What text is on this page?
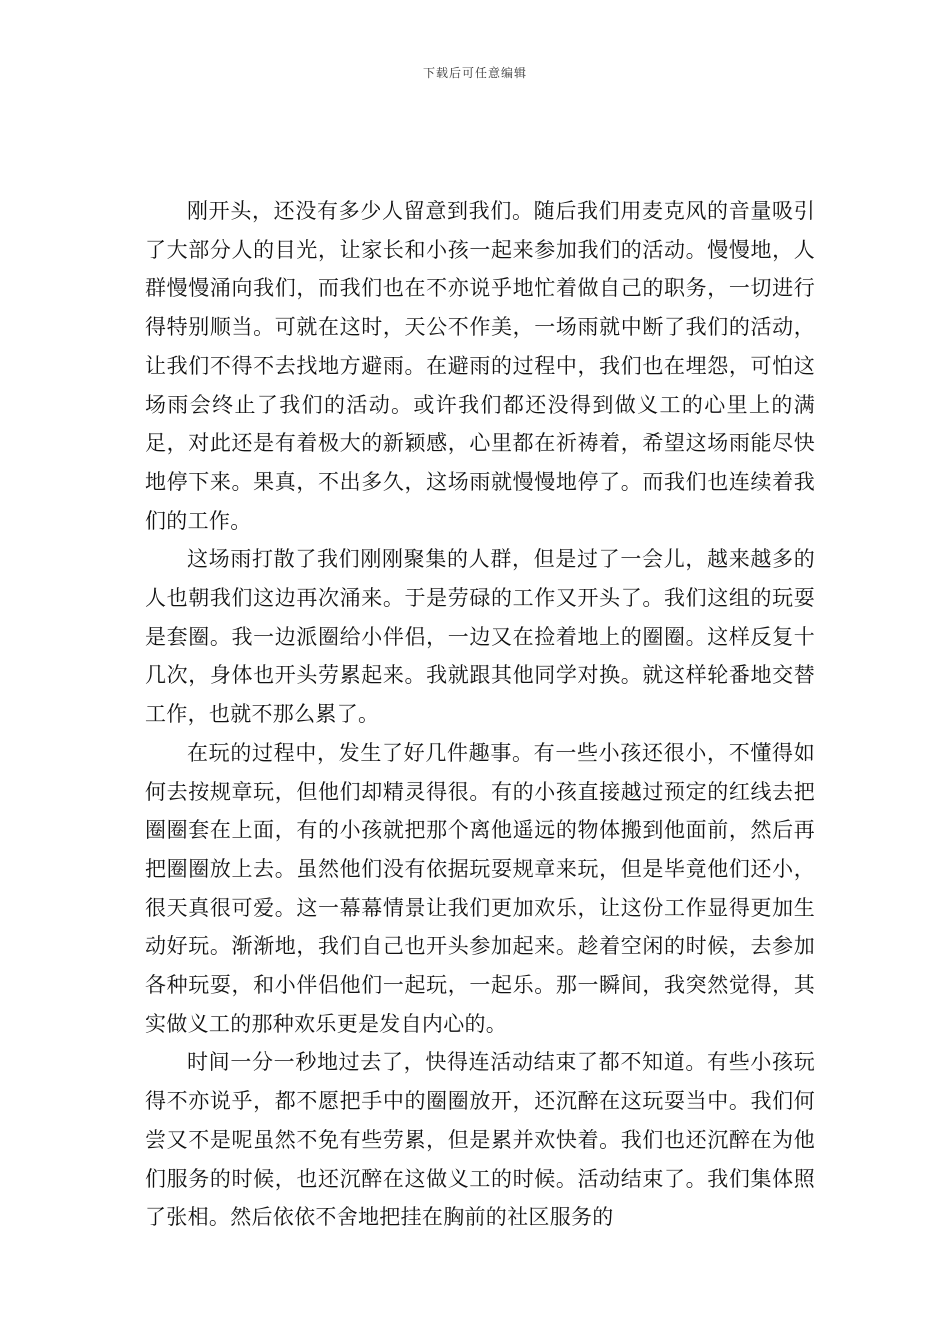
下载后可任意编辑

刚开头，还没有多少人留意到我们。随后我们用麦克风的音量吸引了大部分人的目光，让家长和小孩一起来参加我们的活动。慢慢地，人群慢慢涌向我们，而我们也在不亦说乎地忙着做自己的职务，一切进行得特别顺当。可就在这时，天公不作美，一场雨就中断了我们的活动，让我们不得不去找地方避雨。在避雨的过程中，我们也在埋怨，可怕这场雨会终止了我们的活动。或许我们都还没得到做义工的心里上的满足，对此还是有着极大的新颖感，心里都在祈祷着，希望这场雨能尽快地停下来。果真，不出多久，这场雨就慢慢地停了。而我们也连续着我们的工作。

这场雨打散了我们刚刚聚集的人群，但是过了一会儿，越来越多的人也朝我们这边再次涌来。于是劳碌的工作又开头了。我们这组的玩耍是套圈。我一边派圈给小伴侣，一边又在捡着地上的圈圈。这样反复十几次，身体也开头劳累起来。我就跟其他同学对换。就这样轮番地交替工作，也就不那么累了。

在玩的过程中，发生了好几件趣事。有一些小孩还很小，不懂得如何去按规章玩，但他们却精灵得很。有的小孩直接越过预定的红线去把圈圈套在上面，有的小孩就把那个离他遥远的物体搬到他面前，然后再把圈圈放上去。虽然他们没有依据玩耍规章来玩，但是毕竟他们还小，很天真很可爱。这一幕幕情景让我们更加欢乐，让这份工作显得更加生动好玩。渐渐地，我们自己也开头参加起来。趁着空闲的时候，去参加各种玩耍，和小伴侣他们一起玩，一起乐。那一瞬间，我突然觉得，其实做义工的那种欢乐更是发自内心的。

时间一分一秒地过去了，快得连活动结束了都不知道。有些小孩玩得不亦说乎，都不愿把手中的圈圈放开，还沉醉在这玩耍当中。我们何尝又不是呢虽然不免有些劳累，但是累并欢快着。我们也还沉醉在为他们服务的时候，也还沉醉在这做义工的时候。活动结束了。我们集体照了张相。然后依依不舍地把挂在胸前的社区服务的
